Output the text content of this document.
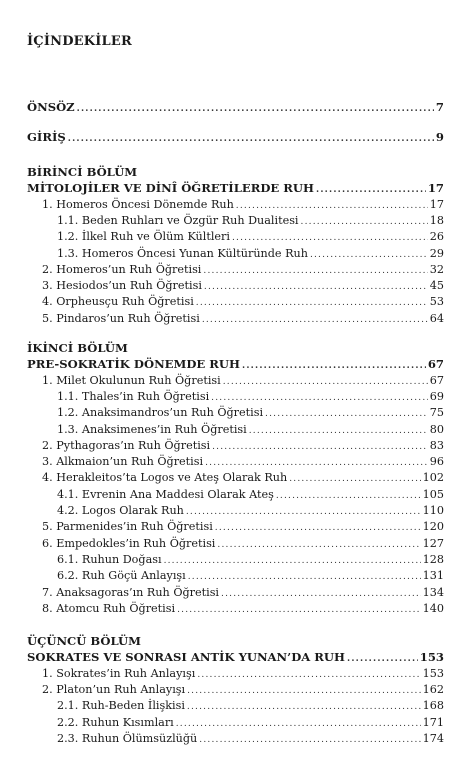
İÇİNDEKİLER
ÖNSÖZ .....	7
GİRİŞ .....	9
BİRİNCİ BÖLÜM
MİTOLOJİLER VE DİNÎ ÖĞRETİLERDE RUH .....	17
1. Homeros Öncesi Dönemde Ruh .....	17
1.1. Beden Ruhları ve Özgür Ruh Dualitesi .....	18
1.2. İlkel Ruh ve Ölüm Kültleri .....	26
1.3. Homeros Öncesi Yunan Kültüründe Ruh .....	29
2. Homeros’un Ruh Öğretisi .....	32
3. Hesiodos’un Ruh Öğretisi .....	45
4. Orpheusçu Ruh Öğretisi .....	53
5. Pindaros’un Ruh Öğretisi .....	64
İKİNCİ BÖLÜM
PRE-SOKRATİK DÖNEMDE RUH .....	67
1. Milet Okulunun Ruh Öğretisi .....	67
1.1. Thales’in Ruh Öğretisi .....	69
1.2. Anaksimandros’un Ruh Öğretisi .....	75
1.3. Anaksimenes’in Ruh Öğretisi .....	80
2. Pythagoras’ın Ruh Öğretisi .....	83
3. Alkmaion’un Ruh Öğretisi .....	96
4. Herakleitos’ta Logos ve Ateş Olarak Ruh .....	102
4.1. Evrenin Ana Maddesi Olarak Ateş .....	105
4.2. Logos Olarak Ruh .....	110
5. Parmenides’in Ruh Öğretisi .....	120
6. Empedokles’in Ruh Öğretisi .....	127
6.1. Ruhun Doğası .....	128
6.2. Ruh Göçü Anlayışı .....	131
7. Anaksagoras’ın Ruh Öğretisi .....	134
8. Atomcu Ruh Öğretisi .....	140
ÜÇÜNCÜ BÖLÜM
SOKRATES VE SONRASI ANTİK YUNAN’DA RUH .....	153
1. Sokrates’in Ruh Anlayışı .....	153
2. Platon’un Ruh Anlayışı .....	162
2.1. Ruh-Beden İlişkisi .....	168
2.2. Ruhun Kısımları .....	171
2.3. Ruhun Ölümsüzlüğü .....	174
